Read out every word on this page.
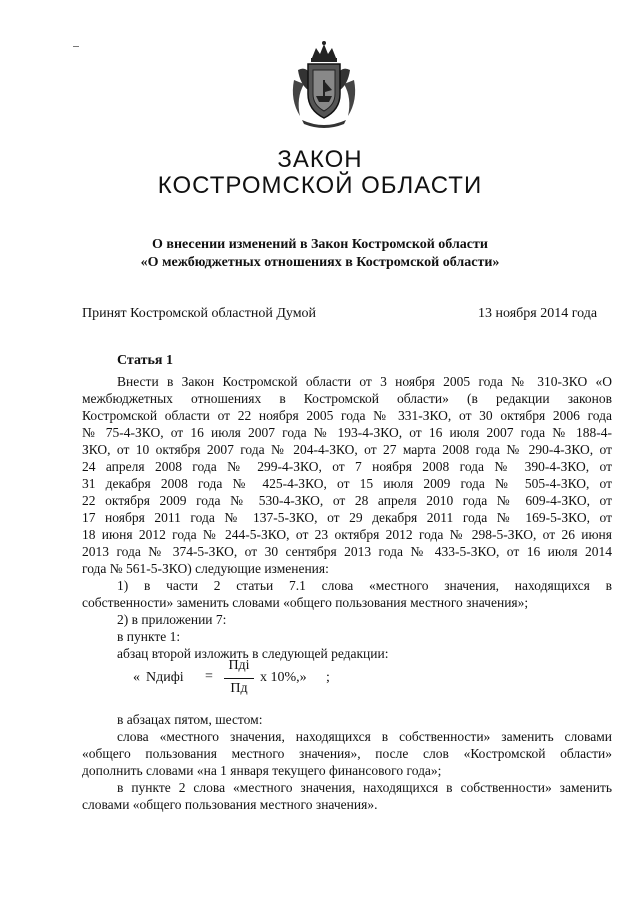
ЗАКОН
КОСТРОМСКОЙ ОБЛАСТИ
О внесении изменений в Закон Костромской области
«О межбюджетных отношениях в Костромской области»
Принят Костромской областной Думой	13 ноября 2014 года
Статья 1
Внести в Закон Костромской области от 3 ноября 2005 года № 310-ЗКО «О
межбюджетных отношениях в Костромской области» (в редакции законов
Костромской области от 22 ноября 2005 года № 331-ЗКО, от 30 октября 2006 года
№ 75-4-ЗКО, от 16 июля 2007 года № 193-4-ЗКО, от 16 июля 2007 года № 188-4-
ЗКО, от 10 октября 2007 года № 204-4-ЗКО, от 27 марта 2008 года № 290-4-ЗКО, от
24 апреля 2008 года № 299-4-ЗКО, от 7 ноября 2008 года № 390-4-ЗКО, от
31 декабря 2008 года № 425-4-ЗКО, от 15 июля 2009 года № 505-4-ЗКО, от
22 октября 2009 года № 530-4-ЗКО, от 28 апреля 2010 года № 609-4-ЗКО, от
17 ноября 2011 года № 137-5-ЗКО, от 29 декабря 2011 года № 169-5-ЗКО, от
18 июня 2012 года № 244-5-ЗКО, от 23 октября 2012 года № 298-5-ЗКО, от 26 июня
2013 года № 374-5-ЗКО, от 30 сентября 2013 года № 433-5-ЗКО, от 16 июля 2014
года № 561-5-ЗКО) следующие изменения:
1) в части 2 статьи 7.1 слова «местного значения, находящихся в
собственности» заменить словами «общего пользования местного значения»;
2) в приложении 7:
в пункте 1:
абзац второй изложить в следующей редакции:
« Nдифi =
Пдi
Пд
x 10%,» ;
в абзацах пятом, шестом:
слова «местного значения, находящихся в собственности» заменить словами
«общего пользования местного значения», после слов «Костромской области»
дополнить словами «на 1 января текущего финансового года»;
в пункте 2 слова «местного значения, находящихся в собственности» заменить
словами «общего пользования местного значения».
